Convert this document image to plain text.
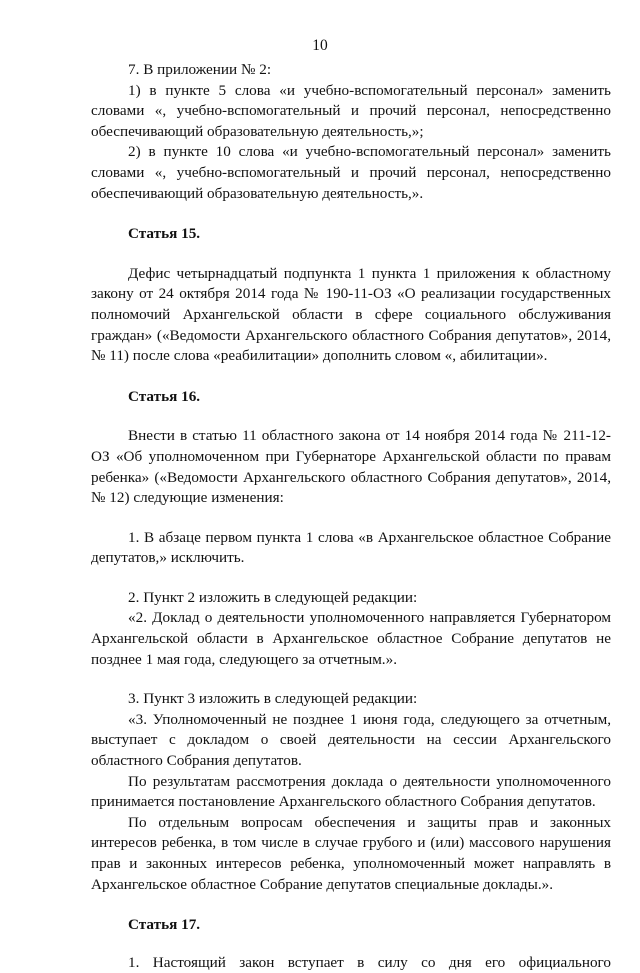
10

7. В приложении № 2:

1) в пункте 5 слова «и учебно-вспомогательный персонал» заменить словами «, учебно-вспомогательный и прочий персонал, непосредственно обеспечивающий образовательную деятельность,»;

2) в пункте 10 слова «и учебно-вспомогательный персонал» заменить словами «, учебно-вспомогательный и прочий персонал, непосредственно обеспечивающий образовательную деятельность,».

Статья 15.

Дефис четырнадцатый подпункта 1 пункта 1 приложения к областному закону от 24 октября 2014 года № 190-11-ОЗ «О реализации государственных полномочий Архангельской области в сфере социального обслуживания граждан» («Ведомости Архангельского областного Собрания депутатов», 2014, № 11) после слова «реабилитации» дополнить словом «, абилитации».

Статья 16.

Внести в статью 11 областного закона от 14 ноября 2014 года № 211-12-ОЗ «Об уполномоченном при Губернаторе Архангельской области по правам ребенка» («Ведомости Архангельского областного Собрания депутатов», 2014, № 12) следующие изменения:

1. В абзаце первом пункта 1 слова «в Архангельское областное Собрание депутатов,» исключить.

2. Пункт 2 изложить в следующей редакции:

«2. Доклад о деятельности уполномоченного направляется Губернатором Архангельской области в Архангельское областное Собрание депутатов не позднее 1 мая года, следующего за отчетным.».

3. Пункт 3 изложить в следующей редакции:

«3. Уполномоченный не позднее 1 июня года, следующего за отчетным, выступает с докладом о своей деятельности на сессии Архангельского областного Собрания депутатов.

По результатам рассмотрения доклада о деятельности уполномоченного принимается постановление Архангельского областного Собрания депутатов.

По отдельным вопросам обеспечения и защиты прав и законных интересов ребенка, в том числе в случае грубого и (или) массового нарушения прав и законных интересов ребенка, уполномоченный может направлять в Архангельское областное Собрание депутатов специальные доклады.».

Статья 17.

1. Настоящий закон вступает в силу со дня его официального
